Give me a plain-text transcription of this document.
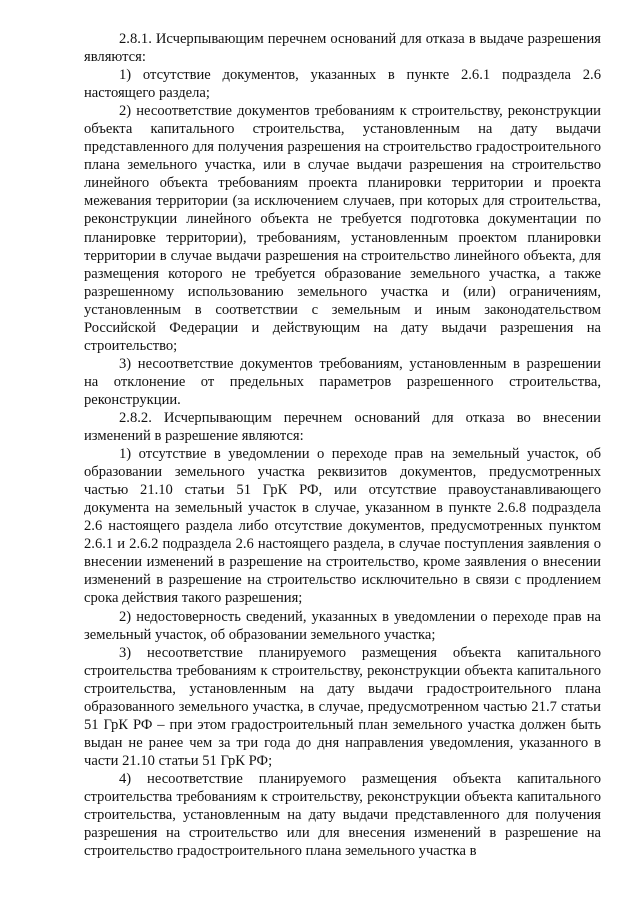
2.8.1. Исчерпывающим перечнем оснований для отказа в выдаче разрешения являются:

1) отсутствие документов, указанных в пункте 2.6.1 подраздела 2.6 настоящего раздела;

2) несоответствие документов требованиям к строительству, реконструкции объекта капитального строительства, установленным на дату выдачи представленного для получения разрешения на строительство градостроительного плана земельного участка, или в случае выдачи разрешения на строительство линейного объекта требованиям проекта планировки территории и проекта межевания территории (за исключением случаев, при которых для строительства, реконструкции линейного объекта не требуется подготовка документации по планировке территории), требованиям, установленным проектом планировки территории в случае выдачи разрешения на строительство линейного объекта, для размещения которого не требуется образование земельного участка, а также разрешенному использованию земельного участка и (или) ограничениям, установленным в соответствии с земельным и иным законодательством Российской Федерации и действующим на дату выдачи разрешения на строительство;

3) несоответствие документов требованиям, установленным в разрешении на отклонение от предельных параметров разрешенного строительства, реконструкции.

2.8.2. Исчерпывающим перечнем оснований для отказа во внесении изменений в разрешение являются:

1) отсутствие в уведомлении о переходе прав на земельный участок, об образовании земельного участка реквизитов документов, предусмотренных частью 21.10 статьи 51 ГрК РФ, или отсутствие правоустанавливающего документа на земельный участок в случае, указанном в пункте 2.6.8 подраздела 2.6 настоящего раздела либо отсутствие документов, предусмотренных пунктом 2.6.1 и 2.6.2 подраздела 2.6 настоящего раздела, в случае поступления заявления о внесении изменений в разрешение на строительство, кроме заявления о внесении изменений в разрешение на строительство исключительно в связи с продлением срока действия такого разрешения;

2) недостоверность сведений, указанных в уведомлении о переходе прав на земельный участок, об образовании земельного участка;

3) несоответствие планируемого размещения объекта капитального строительства требованиям к строительству, реконструкции объекта капитального строительства, установленным на дату выдачи градостроительного плана образованного земельного участка, в случае, предусмотренном частью 21.7 статьи 51 ГрК РФ – при этом градостроительный план земельного участка должен быть выдан не ранее чем за три года до дня направления уведомления, указанного в части 21.10 статьи 51 ГрК РФ;

4) несоответствие планируемого размещения объекта капитального строительства требованиям к строительству, реконструкции объекта капитального строительства, установленным на дату выдачи представленного для получения разрешения на строительство или для внесения изменений в разрешение на строительство градостроительного плана земельного участка в
